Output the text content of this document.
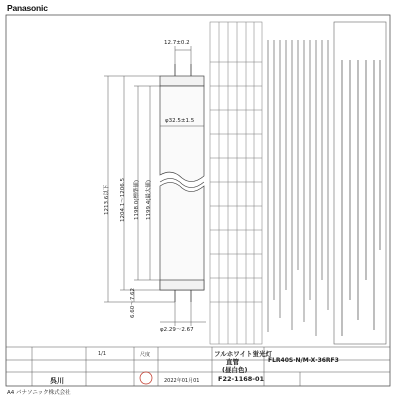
Panasonic
12.7±0.2
φ32.5±1.5
1213.6以下	1204.1～1206.5	1198.0(標準値)	1199.4(最大値)
6.60～7.62
φ2.29～2.67
尺度
1/1	フルホワイト蛍光灯
直管
(昼白色)
FLR40S·N/M-X·36RF3
呉川	2022年01月01	F22-1168-01
A4 パナソニック株式会社
